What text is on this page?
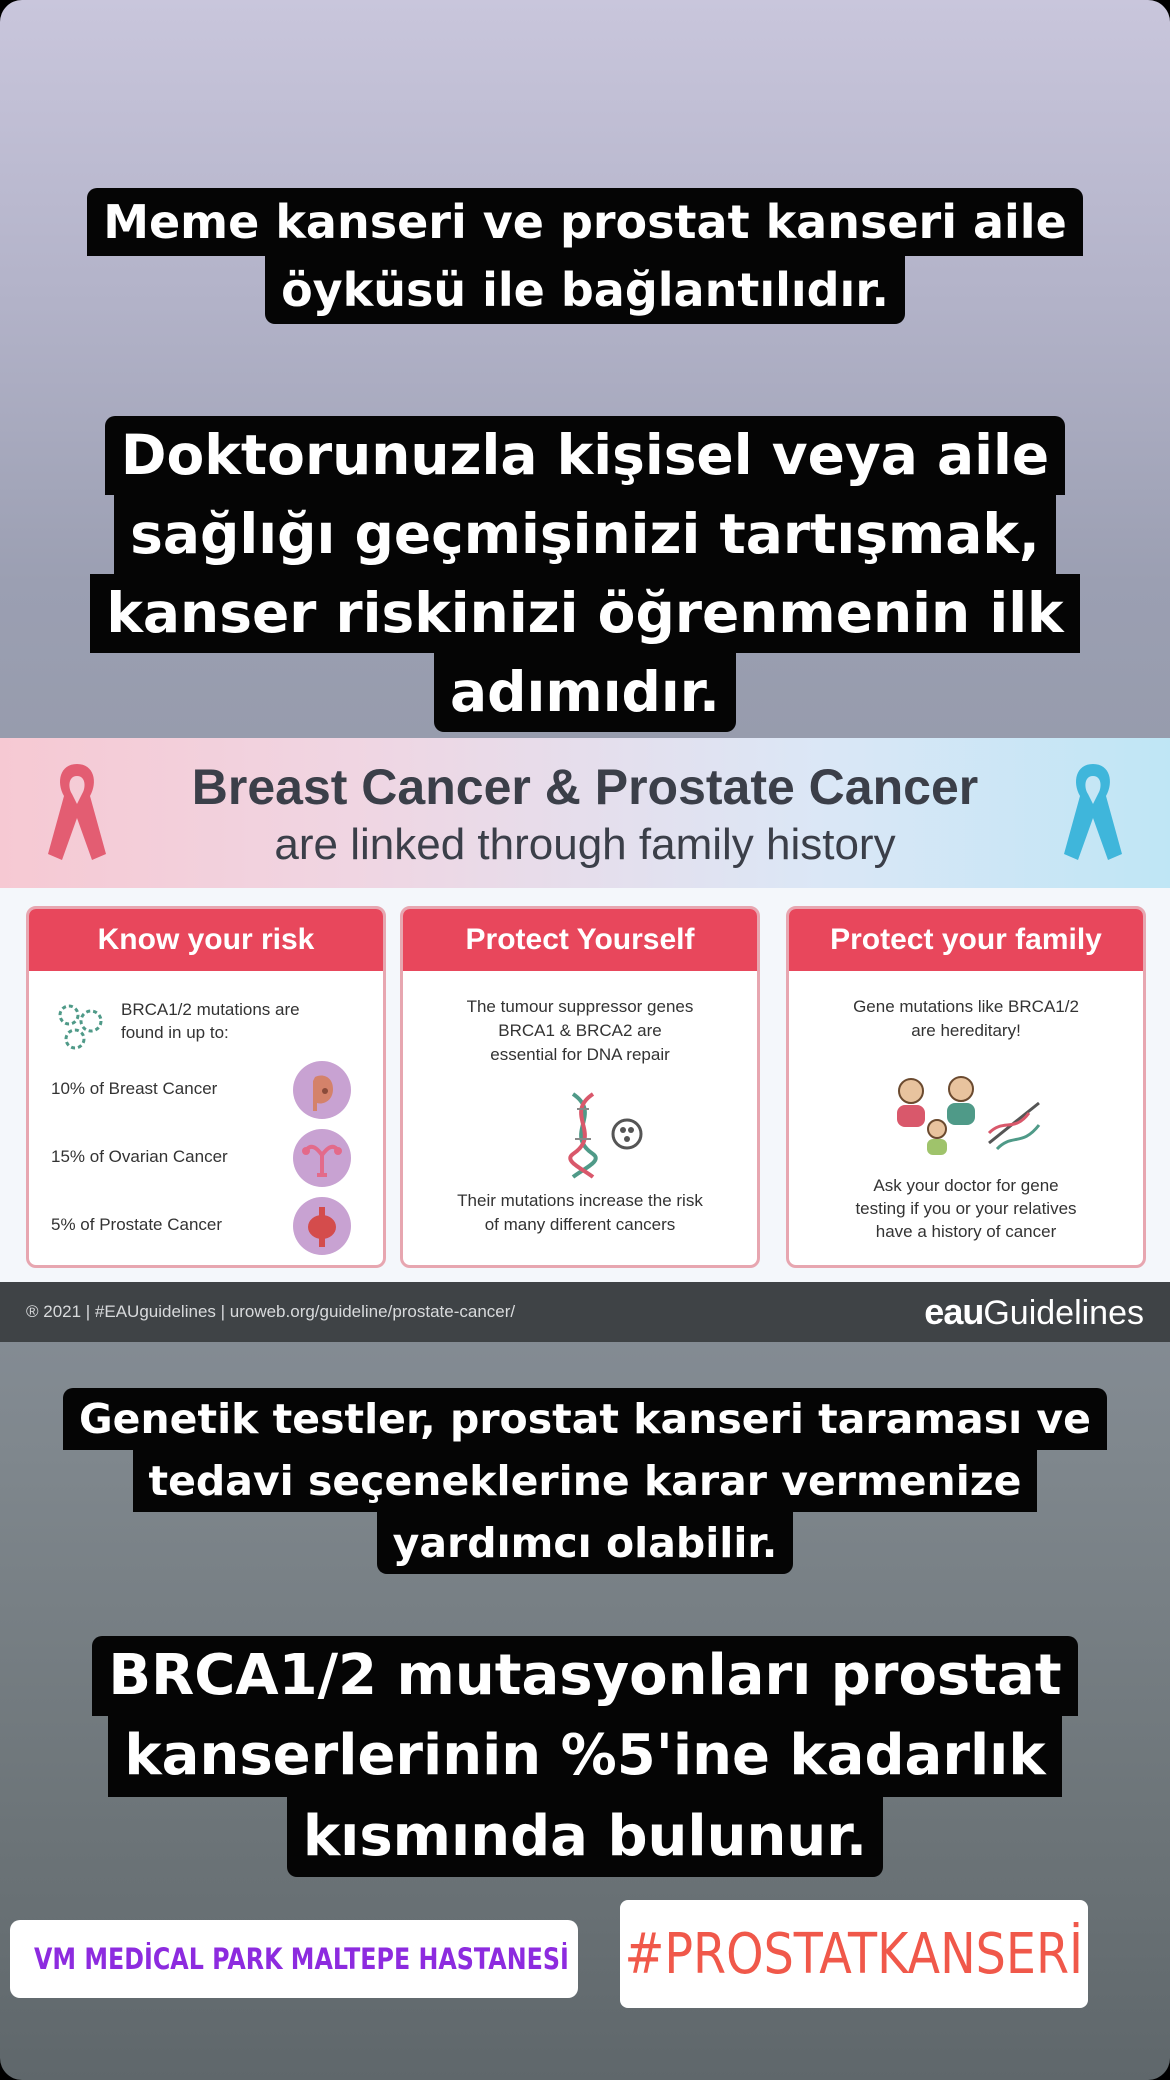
Meme kanseri ve prostat kanseri aile
öyküsü ile bağlantılıdır.
Doktorunuzla kişisel veya aile
sağlığı geçmişinizi tartışmak,
kanser riskinizi öğrenmenin ilk
adımıdır.
Breast Cancer & Prostate Cancer
are linked through family history
Know your risk
BRCA1/2 mutations are
found in up to:
10% of Breast Cancer
15% of Ovarian Cancer
5% of Prostate Cancer
Protect Yourself
The tumour suppressor genes
BRCA1 & BRCA2 are
essential for DNA repair
Their mutations increase the risk
of many different cancers
Protect your family
Gene mutations like BRCA1/2
are hereditary!
Ask your doctor for gene
testing if you or your relatives
have a history of cancer
® 2021 | #EAUguidelines | uroweb.org/guideline/prostate-cancer/	eau Guidelines
Genetik testler, prostat kanseri taraması ve
tedavi seçeneklerine karar vermenize
yardımcı olabilir.
BRCA1/2 mutasyonları prostat
kanserlerinin %5'ine kadarlık
kısmında bulunur.
VM MEDİCAL PARK MALTEPE HASTANESİ #PROSTATKANSERİ
